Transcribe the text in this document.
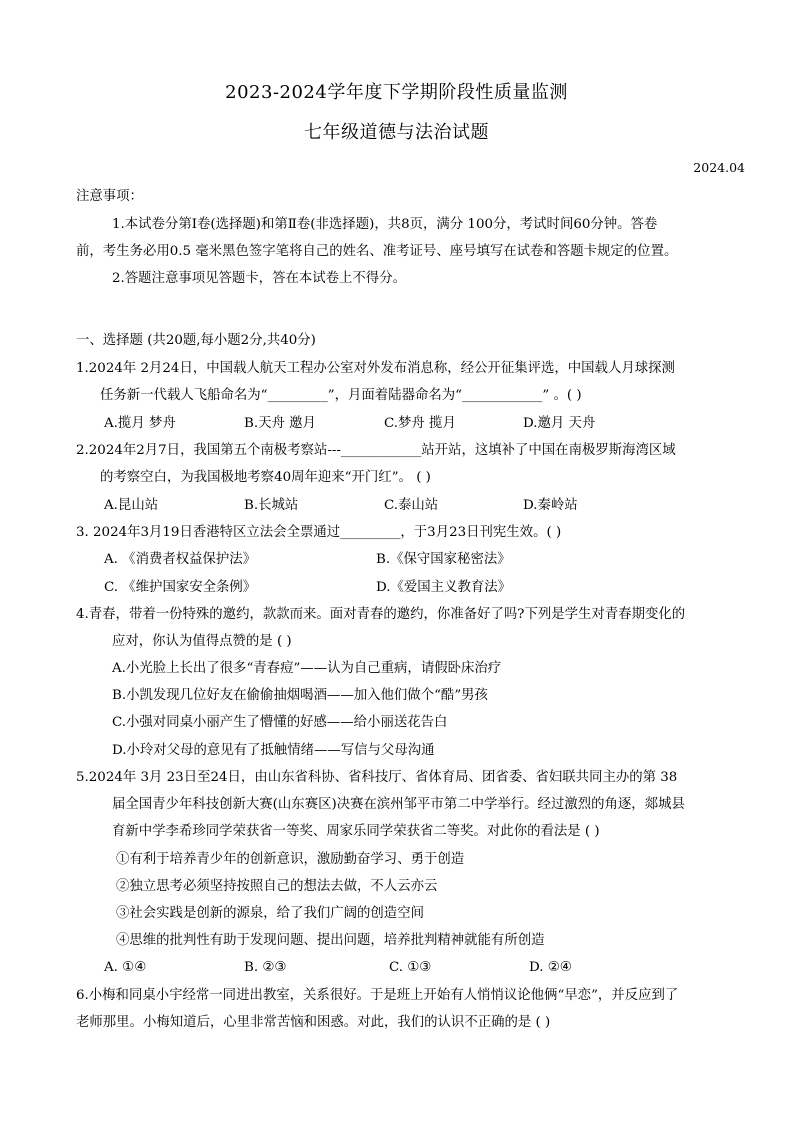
2023-2024学年度下学期阶段性质量监测
七年级道德与法治试题
2024.04
注意事项：
1.本试卷分第Ⅰ卷(选择题)和第Ⅱ卷(非选择题)，共8页，满分 100分，考试时间60分钟。答卷
前，考生务必用0.5 毫米黑色签字笔将自己的姓名、准考证号、座号填写在试卷和答题卡规定的位置。
2.答题注意事项见答题卡，答在本试卷上不得分。
一、选择题 (共20题,每小题2分,共40分)
1.2024年 2月24日，中国载人航天工程办公室对外发布消息称，经公开征集评选，中国载人月球探测
任务新一代载人飞船命名为“_________”，月面着陆器命名为“____________” 。( )
A.揽月 梦舟	B.天舟 邀月	C.梦舟 揽月	D.邀月 天舟
2.2024年2月7日，我国第五个南极考察站---____________站开站，这填补了中国在南极罗斯海湾区域
的考察空白，为我国极地考察40周年迎来“开门红”。 ( )
A.昆山站	B.长城站	C.泰山站	D.秦岭站
3. 2024年3月19日香港特区立法会全票通过_________，于3月23日刊宪生效。( )
A. 《消费者权益保护法》	B.《保守国家秘密法》
C. 《维护国家安全条例》	D.《爱国主义教育法》
4.青春，带着一份特殊的邀约，款款而来。面对青春的邀约，你准备好了吗?下列是学生对青春期变化的
应对，你认为值得点赞的是 ( )
A.小光脸上长出了很多“青春痘”——认为自己重病，请假卧床治疗
B.小凯发现几位好友在偷偷抽烟喝酒——加入他们做个“酷”男孩
C.小强对同桌小丽产生了懵懂的好感——给小丽送花告白
D.小玲对父母的意见有了抵触情绪——写信与父母沟通
5.2024年 3月 23日至24日，由山东省科协、省科技厅、省体育局、团省委、省妇联共同主办的第 38
届全国青少年科技创新大赛(山东赛区)决赛在滨州邹平市第二中学举行。经过激烈的角逐，郯城县
育新中学李希珍同学荣获省一等奖、周家乐同学荣获省二等奖。对此你的看法是 ( )
①有利于培养青少年的创新意识，激励勤奋学习、勇于创造
②独立思考必须坚持按照自己的想法去做，不人云亦云
③社会实践是创新的源泉，给了我们广阔的创造空间
④思维的批判性有助于发现问题、提出问题，培养批判精神就能有所创造
A. ①④	B. ②③	C. ①③	D. ②④
6.小梅和同桌小宇经常一同进出教室，关系很好。于是班上开始有人悄悄议论他俩“早恋”，并反应到了
老师那里。小梅知道后，心里非常苦恼和困惑。对此，我们的认识不正确的是 ( )
